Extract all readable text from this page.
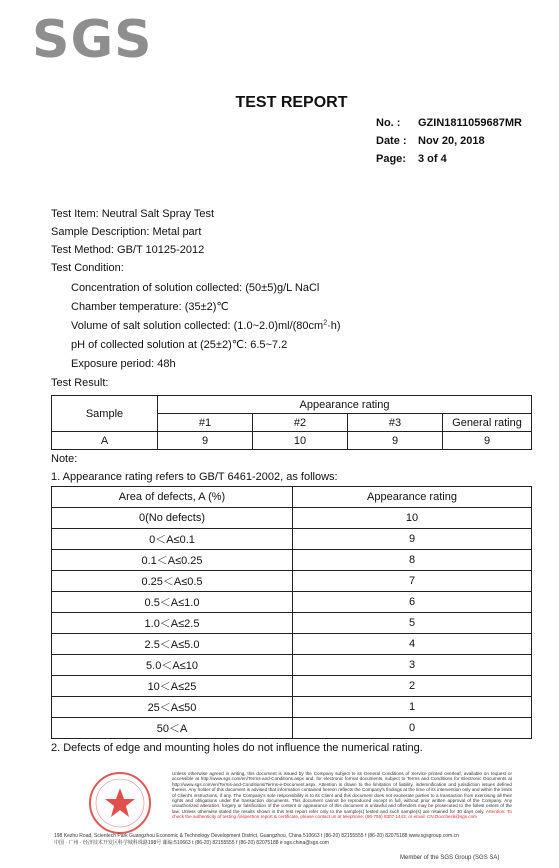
SGS
TEST REPORT
No. : GZIN1811059687MR
Date : Nov 20, 2018
Page: 3 of 4
Test Item: Neutral Salt Spray Test
Sample Description: Metal part
Test Method: GB/T 10125-2012
Test Condition:
Concentration of solution collected: (50±5)g/L NaCl
Chamber temperature: (35±2)℃
Volume of salt solution collected: $(1.0\sim 2.0)ml/(80cm^2\cdot h)$
pH of collected solution at (25±2)℃: 6.5~7.2
Exposure period: 48h
Test Result:
Sample	Appearance rating			
	#1	#2	#3	General rating
A	9	10	9	9
Note:
1. Appearance rating refers to GB/T 6461-2002, as follows:
Area of defects, A (%)	Appearance rating
0(No defects)	10
0＜A≤0.1	9
0.1＜A≤0.25	8
0.25＜A≤0.5	7
0.5＜A≤1.0	6
1.0＜A≤2.5	5
2.5＜A≤5.0	4
5.0＜A≤10	3
10＜A≤25	2
25＜A≤50	1
50＜A	0
2. Defects of edge and mounting holes do not influence the numerical rating.
Unless otherwise agreed in writing, this document is issued by the Company subject to its General Conditions of Service printed overleaf, available on request or accessible at http://www.sgs.com/en/Terms-and-Conditions.aspx and, for electronic format documents, subject to Terms and Conditions for Electronic Documents at http://www.sgs.com/en/Terms-and-Conditions/Terms-e-Document.aspx. Attention is drawn to the limitation of liability, indemnification and jurisdiction issues defined therein. Any holder of this document is advised that information contained hereon reflects the Company's findings at the time of its intervention only and within the limits of Client's instructions, if any. The Company's sole responsibility is to its Client and this document does not exonerate parties to a transaction from exercising all their rights and obligations under the transaction documents. This document cannot be reproduced except in full, without prior written approval of the Company. Any unauthorized alteration, forgery or falsification of the content or appearance of this document is unlawful and offenders may be prosecuted to the fullest extent of the law. Unless otherwise stated the results shown in this test report refer only to the sample(s) tested and such sample(s) are retained for 30 days only. Attention: To check the authenticity of testing /inspection report & certificate, please contact us at telephone: (86-755) 8307 1443, or email: CN.Doccheck@sgs.com
198 Kezhu Road, Scientech Park Guangzhou Economic & Technology Development District, Guangzhou, China 510663 t (86-20) 82155555 f (86-20) 82075188 www.sgsgroup.com.cn
中国 · 广州 · 经济技术开发区科学城科珠路198号 邮编:510663 t (86-20) 82155555 f (86-20) 82075188 e sgs.china@sgs.com
Member of the SGS Group (SGS SA)
